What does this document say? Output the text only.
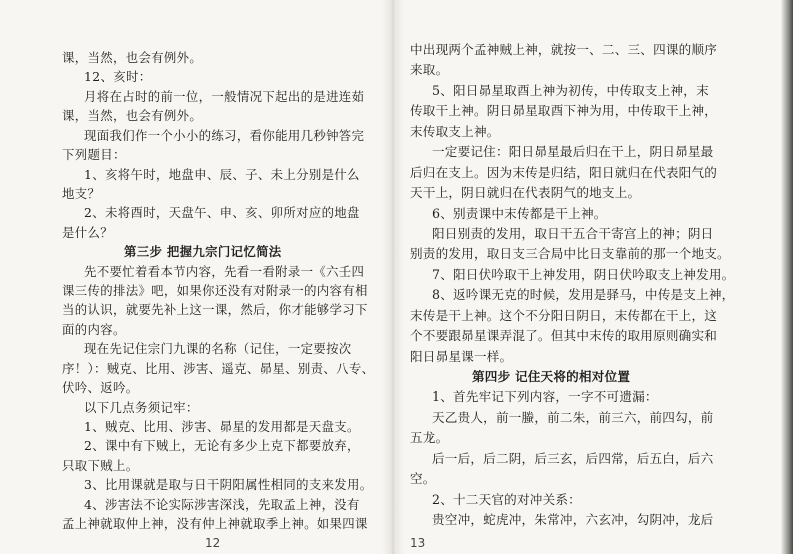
课，当然，也会有例外。
12、亥时：
月将在占时的前一位，一般情况下起出的是进连茹
课，当然，也会有例外。
现面我们作一个小小的练习，看你能用几秒钟答完
下列题目：
1、亥将午时，地盘申、辰、子、未上分别是什么
地支？
2、未将酉时，天盘午、申、亥、卯所对应的地盘
是什么？
第三步 把握九宗门记忆简法
先不要忙着看本节内容，先看一看附录一《六壬四
课三传的排法》吧，如果你还没有对附录一的内容有相
当的认识，就要先补上这一课，然后，你才能够学习下
面的内容。
现在先记住宗门九课的名称（记住，一定要按次
序！）：贼克、比用、涉害、遥克、昴星、别责、八专、
伏吟、返吟。
以下几点务须记牢：
1、贼克、比用、涉害、昴星的发用都是天盘支。
2、课中有下贼上，无论有多少上克下都要放弃，
只取下贼上。
3、比用课就是取与日干阴阳属性相同的支来发用。
4、涉害法不论实际涉害深浅，先取孟上神，没有
孟上神就取仲上神，没有仲上神就取季上神。如果四课
中出现两个孟神贼上神，就按一、二、三、四课的顺序
来取。
5、阳日昴星取酉上神为初传，中传取支上神，末
传取干上神。阴日昴星取酉下神为用，中传取干上神，
末传取支上神。
一定要记住：阳日昴星最后归在干上，阴日昴星最
后归在支上。因为末传是归结，阳日就归在代表阳气的
天干上，阴日就归在代表阴气的地支上。
6、别责课中末传都是干上神。
阳日别责的发用，取日干五合干寄宫上的神；阴日
别责的发用，取日支三合局中比日支靠前的那一个地支。
7、阳日伏吟取干上神发用，阴日伏吟取支上神发用。
8、返吟课无克的时候，发用是驿马，中传是支上神，
末传是干上神。这个不分阳日阴日，末传都在干上，这
个不要跟昴星课弄混了。但其中末传的取用原则确实和
阳日昴星课一样。
第四步 记住天将的相对位置
1、首先牢记下列内容，一字不可遗漏：
天乙贵人，前一螣，前二朱，前三六，前四勾，前
五龙。
后一后，后二阴，后三玄，后四常，后五白，后六
空。
2、十二天官的对冲关系：
贵空冲，蛇虎冲，朱常冲，六玄冲，勾阴冲，龙后
12	13
